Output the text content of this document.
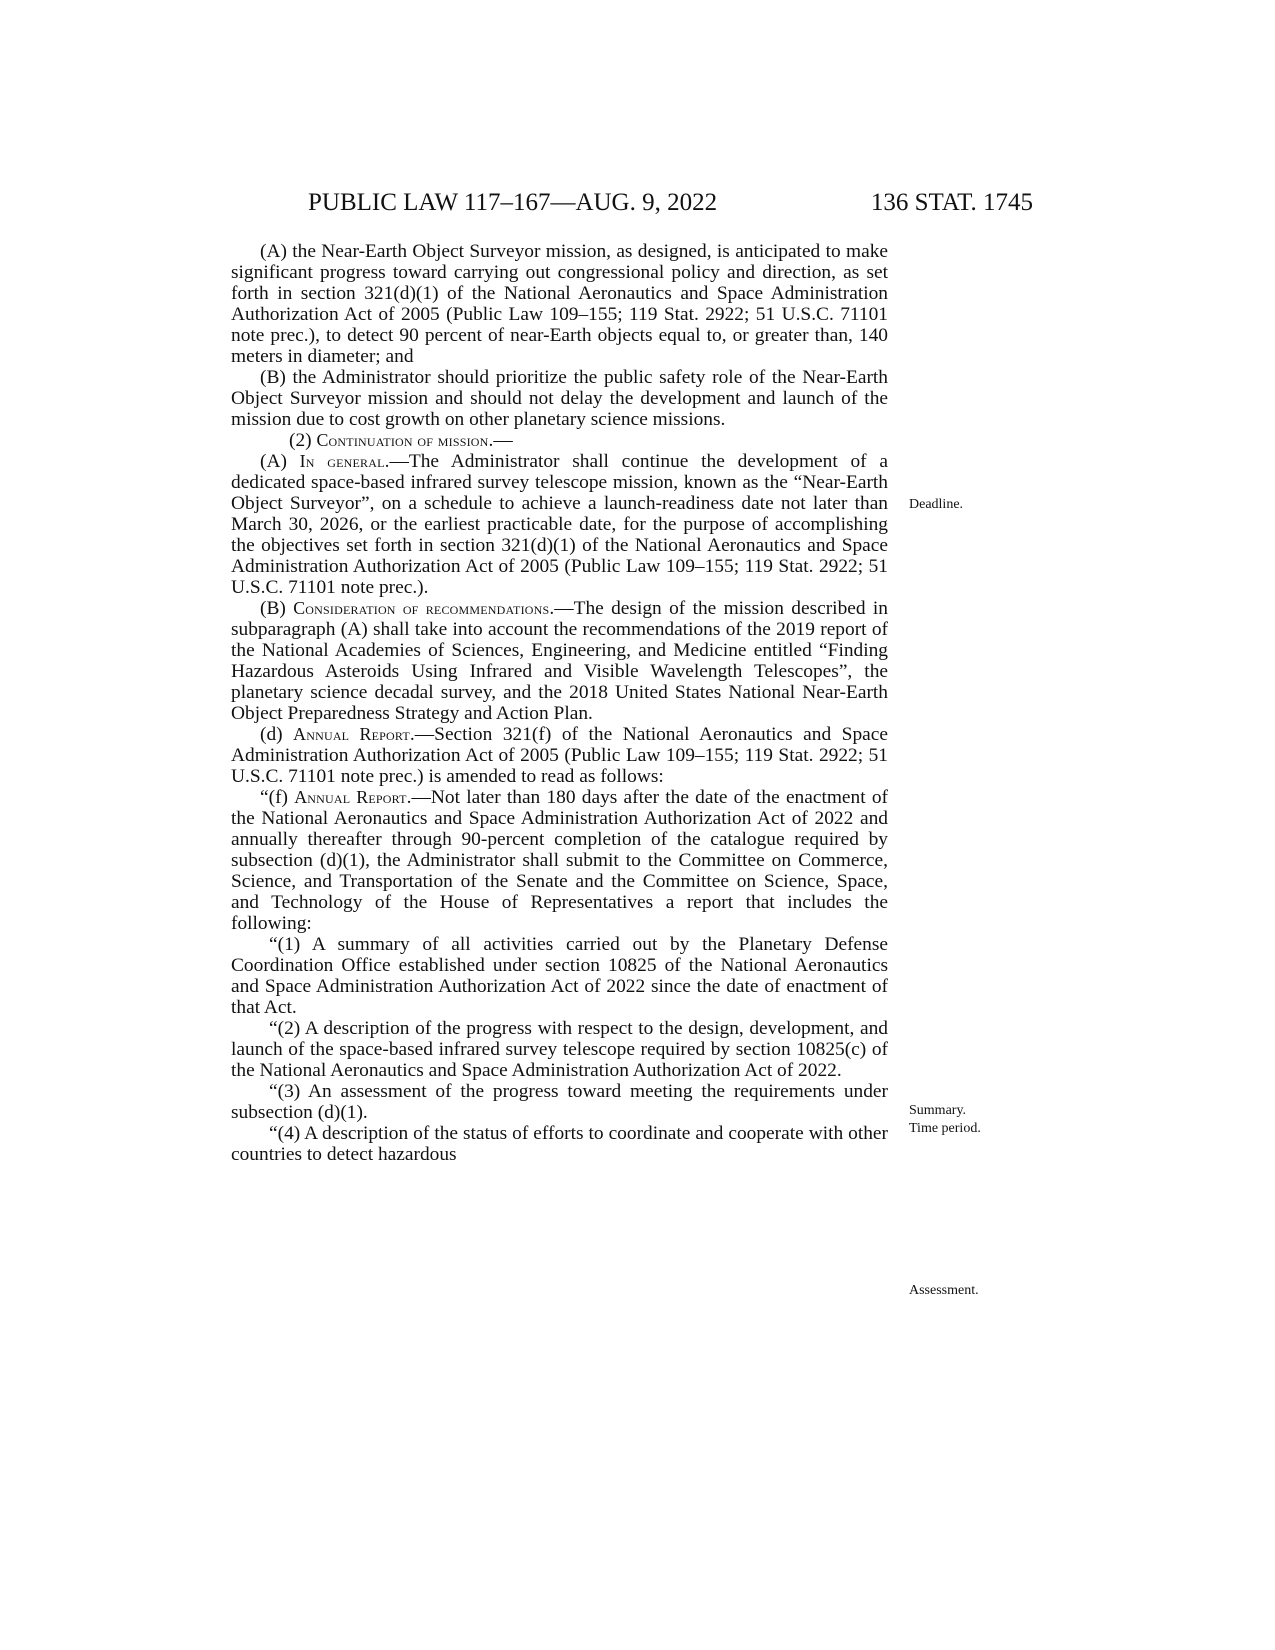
PUBLIC LAW 117–167—AUG. 9, 2022	136 STAT. 1745

(A) the Near-Earth Object Surveyor mission, as designed, is anticipated to make significant progress toward carrying out congressional policy and direction, as set forth in section 321(d)(1) of the National Aeronautics and Space Administration Authorization Act of 2005 (Public Law 109–155; 119 Stat. 2922; 51 U.S.C. 71101 note prec.), to detect 90 percent of near-Earth objects equal to, or greater than, 140 meters in diameter; and

(B) the Administrator should prioritize the public safety role of the Near-Earth Object Surveyor mission and should not delay the development and launch of the mission due to cost growth on other planetary science missions.

(2) Continuation of mission.—

(A) In general.—The Administrator shall continue the development of a dedicated space-based infrared survey telescope mission, known as the “Near-Earth Object Surveyor”, on a schedule to achieve a launch-readiness date not later than March 30, 2026, or the earliest practicable date, for the purpose of accomplishing the objectives set forth in section 321(d)(1) of the National Aeronautics and Space Administration Authorization Act of 2005 (Public Law 109–155; 119 Stat. 2922; 51 U.S.C. 71101 note prec.).

(B) Consideration of recommendations.—The design of the mission described in subparagraph (A) shall take into account the recommendations of the 2019 report of the National Academies of Sciences, Engineering, and Medicine entitled “Finding Hazardous Asteroids Using Infrared and Visible Wavelength Telescopes”, the planetary science decadal survey, and the 2018 United States National Near-Earth Object Preparedness Strategy and Action Plan.

(d) Annual Report.—Section 321(f) of the National Aeronautics and Space Administration Authorization Act of 2005 (Public Law 109–155; 119 Stat. 2922; 51 U.S.C. 71101 note prec.) is amended to read as follows:

“(f) Annual Report.—Not later than 180 days after the date of the enactment of the National Aeronautics and Space Administration Authorization Act of 2022 and annually thereafter through 90-percent completion of the catalogue required by subsection (d)(1), the Administrator shall submit to the Committee on Commerce, Science, and Transportation of the Senate and the Committee on Science, Space, and Technology of the House of Representatives a report that includes the following:

“(1) A summary of all activities carried out by the Planetary Defense Coordination Office established under section 10825 of the National Aeronautics and Space Administration Authorization Act of 2022 since the date of enactment of that Act.

“(2) A description of the progress with respect to the design, development, and launch of the space-based infrared survey telescope required by section 10825(c) of the National Aeronautics and Space Administration Authorization Act of 2022.

“(3) An assessment of the progress toward meeting the requirements under subsection (d)(1).

“(4) A description of the status of efforts to coordinate and cooperate with other countries to detect hazardous

Deadline.
Summary.
Time period.
Assessment.
